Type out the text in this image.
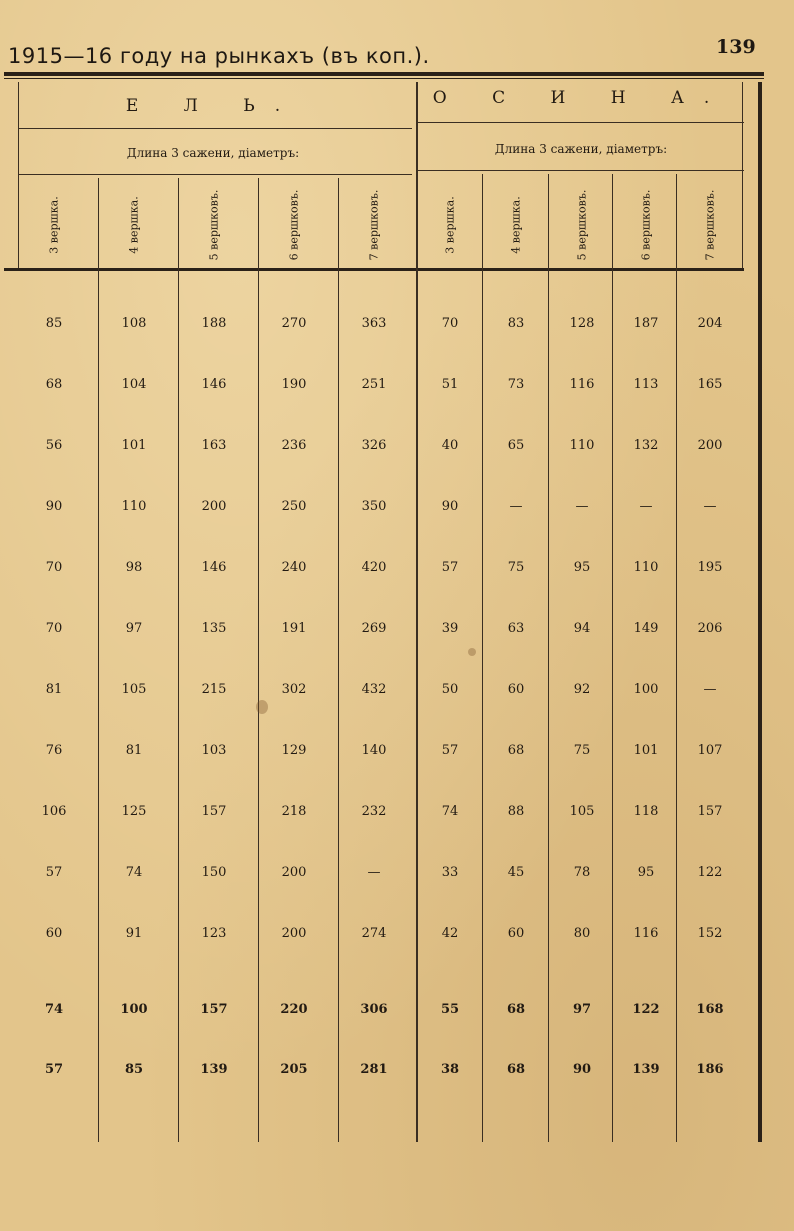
1915—16 году на рынкахъ (въ коп.).	139
Е Л Ь.	О С И Н А.
Длина 3 сажени, діаметръ:	Длина 3 сажени, діаметръ:
3 вершка.	4 вершка.	5 вершковъ.	6 вершковъ.	7 вершковъ.	3 вершка.	4 вершка.	5 вершковъ.	6 вершковъ.	7 вершковъ.
85	108	188	270	363	70	83	128	187	204
68	104	146	190	251	51	73	116	113	165
56	101	163	236	326	40	65	110	132	200
90	110	200	250	350	90	—	—	—	—
70	98	146	240	420	57	75	95	110	195
70	97	135	191	269	39	63	94	149	206
81	105	215	302	432	50	60	92	100	—
76	81	103	129	140	57	68	75	101	107
106	125	157	218	232	74	88	105	118	157
57	74	150	200	—	33	45	78	95	122
60	91	123	200	274	42	60	80	116	152
74	100	157	220	306	55	68	97	122	168
57	85	139	205	281	38	68	90	139	186
